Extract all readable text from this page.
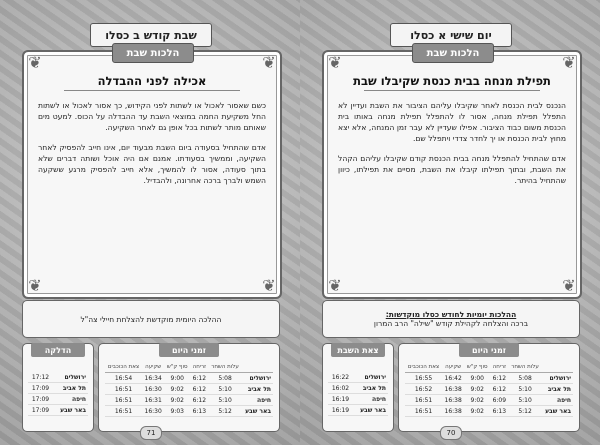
שבת קודש ב כסלו
❦
❦
❦
❦
הלכות שבת
אכילה לפני ההבדלה

כשם שאסור לאכול או לשתות לפני הקידוש, כך אסור לאכול או לשתות החל משקיעת החמה במוצאי השבת עד ההבדלה על הכוס. למעט מים שאותם מותר לשתות בכל אופן גם לאחר השקיעה.

אדם שהתחיל בסעודה ביום השבת מבעוד יום, אינו חייב להפסיק לאחר השקיעה, וממשיך בסעודתו. אמנם אם היה אוכל ושותה דברים שלא בתוך סעודה, אסור לו להמשיך, אלא חייב להפסיק מרגע ששקעה השמש ולברך ברכה אחרונה, ולהבדיל.

ההלכה היומית מוקדשת להצלחת חיילי צה"ל
זמני היום
	עלות השחר	זריחה	סוף ק"ש	שקיעה	צאת הכוכבים
ירושלים	5:08	6:12	9:00	16:34	16:54
תל אביב	5:10	6:12	9:02	16:30	16:51
חיפה	5:10	6:12	9:02	16:31	16:51
באר שבע	5:12	6:13	9:03	16:30	16:51
הדלקה
ירושלים	17:12
תל אביב	17:09
חיפה	17:09
באר שבע	17:09
71
יום שישי א כסלו
❦
❦
❦
❦
הלכות שבת
תפילת מנחה בבית כנסת שקיבלו שבת

הנכנס לבית הכנסת לאחר שקיבלו עליהם הציבור את השבת ועדיין לא התפלל תפילת מנחה, אסור לו להתפלל תפילת מנחה באותו בית הכנסת משום כבוד הציבור. אפילו שעדיין לא עבר זמן המנחה, אלא יצא מחוץ לבית הכנסת או יך לחדר צדדי ויתפלל שם.

אדם שהתחיל להתפלל מנחה בבית הכנסת קודם שקיבלו עליהם הקהל את השבת, ובתוך תפילתו קיבלו את השבת, מסיים את תפילתו, כיוון שהתחיל בהיתר.

ההלכות יומיות לחודש כסלו מוקדשות:
ברכה והצלחה לקהילת קודש "שילה" הרב המרון
זמני היום
	עלות השחר	זריחה	סוף ק"ש	שקיעה	צאת הכוכבים
ירושלים	5:08	6:12	9:00	16:42	16:55
תל אביב	5:10	6:12	9:02	16:38	16:52
חיפה	5:10	6:09	9:02	16:38	16:51
באר שבע	5:12	6:13	9:02	16:38	16:51
צאת השבת
ירושלים	16:22
תל אביב	16:02
חיפה	16:19
באר שבע	16:19
70
